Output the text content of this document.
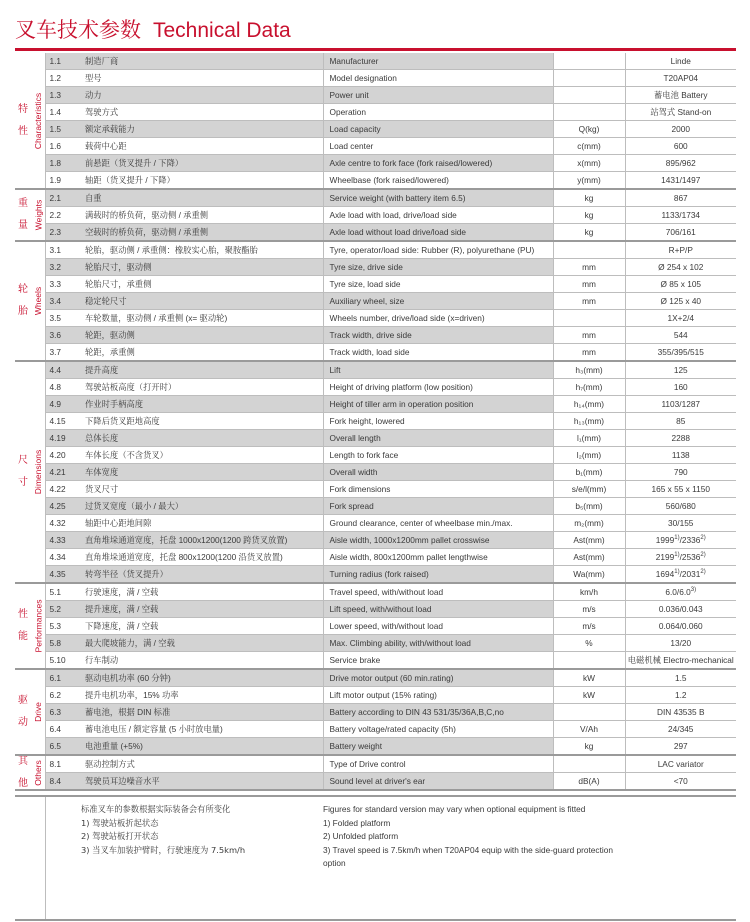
叉车技术参数 Technical Data
特
性 Characteristics	1.1	制造厂商	Manufacturer		Linde
	1.2	型号	Model designation		T20AP04
	1.3	动力	Power unit		蓄电池 Battery
	1.4	驾驶方式	Operation		站驾式 Stand-on
	1.5	额定承载能力	Load capacity	Q(kg)	2000
	1.6	载荷中心距	Load center	c(mm)	600
	1.8	前悬距（货叉提升 / 下降）	Axle centre to fork face (fork raised/lowered)	x(mm)	895/962
	1.9	轴距（货叉提升 / 下降）	Wheelbase (fork raised/lowered)	y(mm)	1431/1497

重
量 Weights	2.1	自重	Service weight (with battery item 6.5)	kg	867
	2.2	满载时的桥负荷，驱动侧 / 承重侧	Axle load with load, drive/load side	kg	1133/1734
	2.3	空载时的桥负荷，驱动侧 / 承重侧	Axle load without load drive/load side	kg	706/161

轮
胎 Wheels	3.1	轮胎，驱动侧 / 承重侧：橡胶实心胎，聚胺酯胎	Tyre, operator/load side: Rubber (R), polyurethane (PU)		R+P/P
	3.2	轮胎尺寸，驱动侧	Tyre size, drive side	mm	Ø 254 x 102
	3.3	轮胎尺寸，承重侧	Tyre size, load side	mm	Ø 85 x 105
	3.4	稳定轮尺寸	Auxiliary wheel, size	mm	Ø 125 x 40
	3.5	车轮数量，驱动侧 / 承重侧 (x= 驱动轮)	Wheels number, drive/load side (x=driven)		1X+2/4
	3.6	轮距，驱动侧	Track width, drive side	mm	544
	3.7	轮距，承重侧	Track width, load side	mm	355/395/515

尺
寸 Dimensions	4.4	提升高度	Lift	h₃(mm)	125
	4.8	驾驶站板高度（打开时）	Height of driving platform (low position)	h₇(mm)	160
	4.9	作业时手柄高度	Height of tiller arm in operation position	h₁₄(mm)	1103/1287
	4.15	下降后货叉距地高度	Fork height, lowered	h₁₃(mm)	85
	4.19	总体长度	Overall length	l₁(mm)	2288
	4.20	车体长度（不含货叉）	Length to fork face	l₂(mm)	1138
	4.21	车体宽度	Overall width	b₁(mm)	790
	4.22	货叉尺寸	Fork dimensions	s/e/l(mm)	165 x 55 x 1150
	4.25	过货叉宽度（最小 / 最大）	Fork spread	b₅(mm)	560/680
	4.32	轴距中心距地间隙	Ground clearance, center of wheelbase min./max.	m₂(mm)	30/155
	4.33	直角堆垛通道宽度，托盘 1000x1200(1200 跨货叉放置)	Aisle width, 1000x1200mm pallet crosswise	Ast(mm)	1999$^{1)}$/2336$^{2)}$
	4.34	直角堆垛通道宽度，托盘 800x1200(1200 沿货叉放置)	Aisle width, 800x1200mm pallet lengthwise	Ast(mm)	2199$^{1)}$/2536$^{2)}$
	4.35	转弯半径（货叉提升）	Turning radius (fork raised)	Wa(mm)	1694$^{1)}$/2031$^{2)}$

性
能 Performances	5.1	行驶速度，满 / 空载	Travel speed, with/without load	km/h	6.0/6.0$^{3)}$
	5.2	提升速度，满 / 空载	Lift speed, with/without load	m/s	0.036/0.043
	5.3	下降速度，满 / 空载	Lower speed, with/without load	m/s	0.064/0.060
	5.8	最大爬坡能力，满 / 空载	Max. Climbing ability, with/without load	%	13/20
	5.10	行车制动	Service brake		电磁机械 Electro-mechanical

驱
动
Drive	6.1	驱动电机功率 (60 分钟)	Drive motor output (60 min.rating)	kW	1.5
	6.2	提升电机功率，15% 功率	Lift motor output (15% rating)	kW	1.2
	6.3	蓄电池，根据 DIN 标准	Battery according to DIN 43 531/35/36A,B,C,no		DIN 43535 B
	6.4	蓄电池电压 / 额定容量 (5 小时放电量)	Battery voltage/rated capacity (5h)	V/Ah	24/345
	6.5	电池重量 (+5%)	Battery weight	kg	297

其
他 Others	8.1	驱动控制方式	Type of Drive control		LAC variator
	8.4	驾驶员耳边噪音水平	Sound level at driver's ear	dB(A)	<70

标准叉车的参数根据实际装备会有所变化

1) 驾驶站板折起状态

2) 驾驶站板打开状态

3) 当叉车加装护臂时，行驶速度为 7.5km/h

Figures for standard version may vary when optional equipment is fitted

1) Folded platform

2) Unfolded platform

3) Travel speed is 7.5km/h when T20AP04 equip with the side-guard protection option
